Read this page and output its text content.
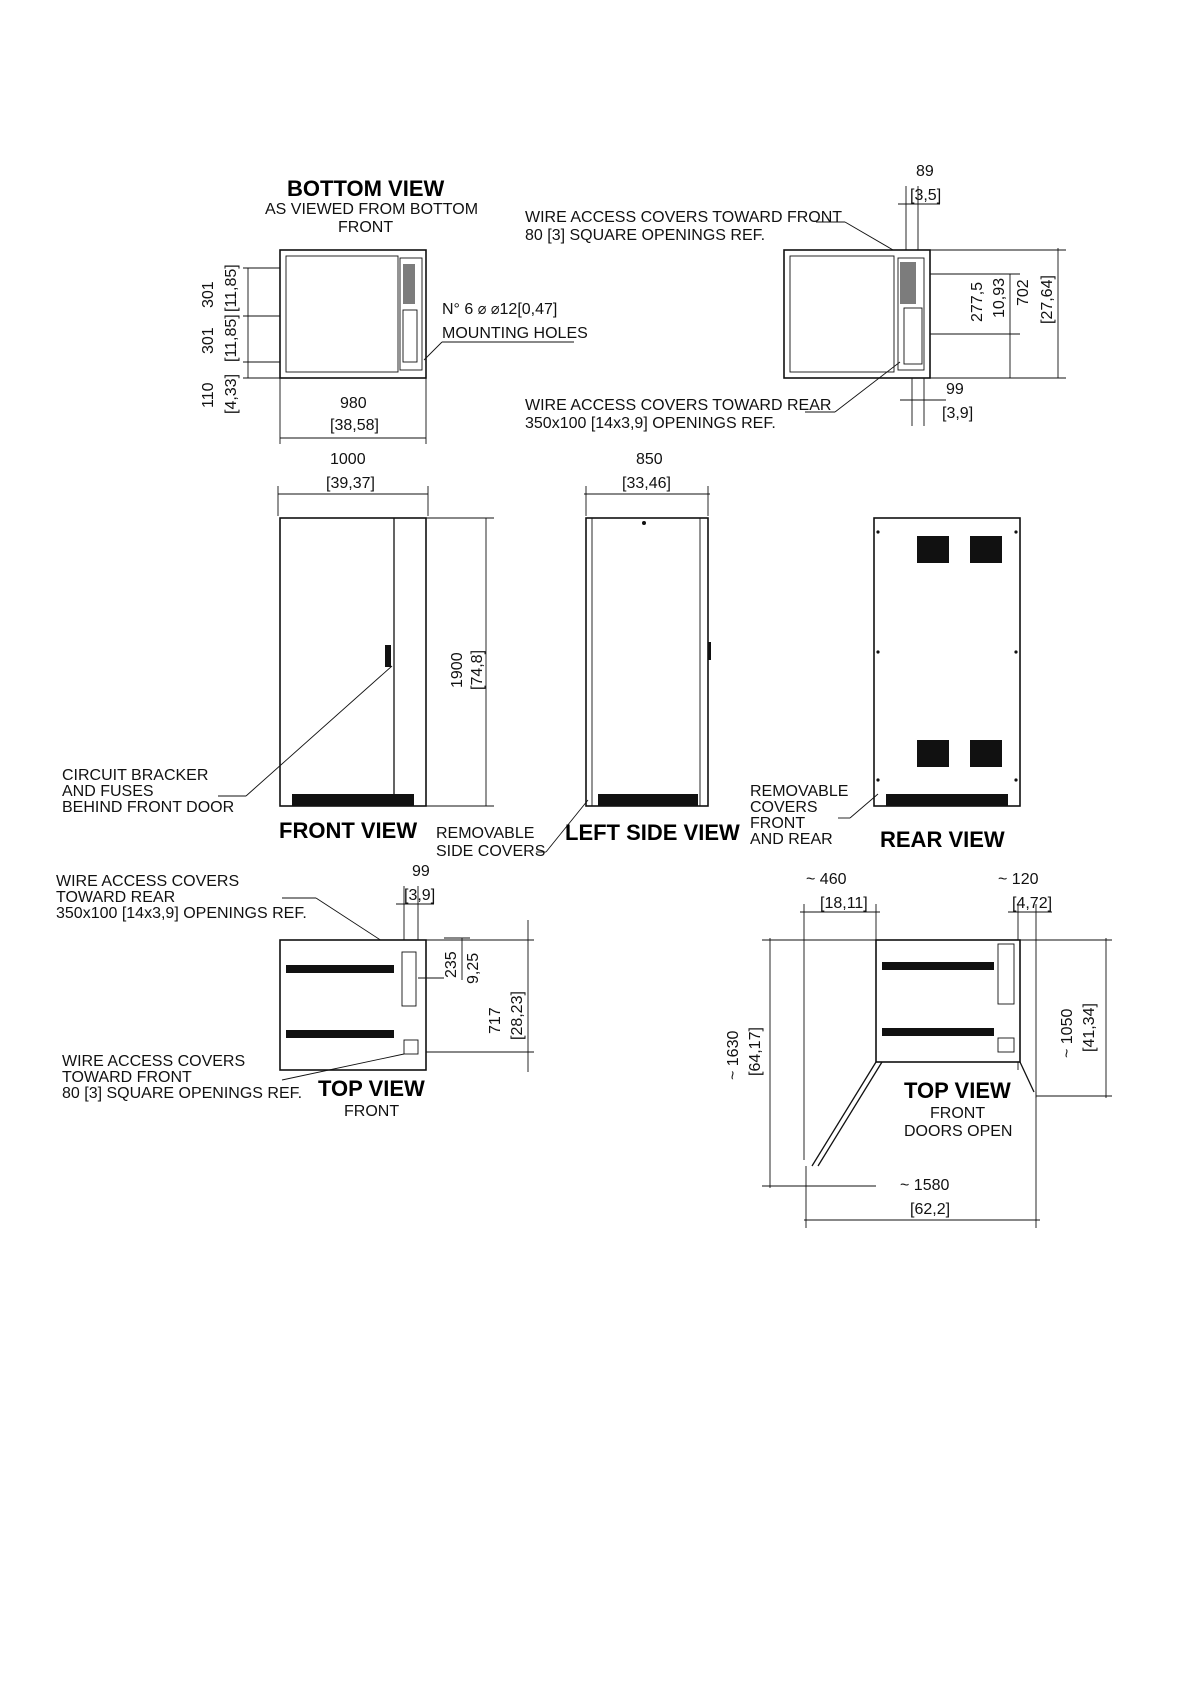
BOTTOM VIEW
AS VIEWED FROM BOTTOM
FRONT
301 [11,85]
301 [11,85]
110 [4,33]	980
[38,58]
N° 6 ⌀ ⌀12[0,47]
MOUNTING HOLES
89
[3,5]
WIRE ACCESS COVERS TOWARD FRONT
80 [3] SQUARE OPENINGS REF.
277,5 10,93 702 [27,64]
99
[3,9]
WIRE ACCESS COVERS TOWARD REAR
350x100 [14x3,9] OPENINGS REF.
1000
[39,37]
1900 [74,8]
CIRCUIT BRACKER
AND FUSES
BEHIND FRONT DOOR
FRONT VIEW
850
[33,46]
REMOVABLE
SIDE COVERS
LEFT SIDE VIEW
REMOVABLE
COVERS
FRONT
AND REAR REAR VIEW
99
[3,9]
WIRE ACCESS COVERS
TOWARD REAR
350x100 [14x3,9] OPENINGS REF.
235 9,25
717 [28,23]
WIRE ACCESS COVERS
TOWARD FRONT
80 [3] SQUARE OPENINGS REF. TOP VIEW
FRONT
~ 460
[18,11]
~ 120
[4,72]
~ 1630 [64,17]	~ 1050 [41,34]
~ 1580
[62,2]
TOP VIEW
FRONT
DOORS OPEN
